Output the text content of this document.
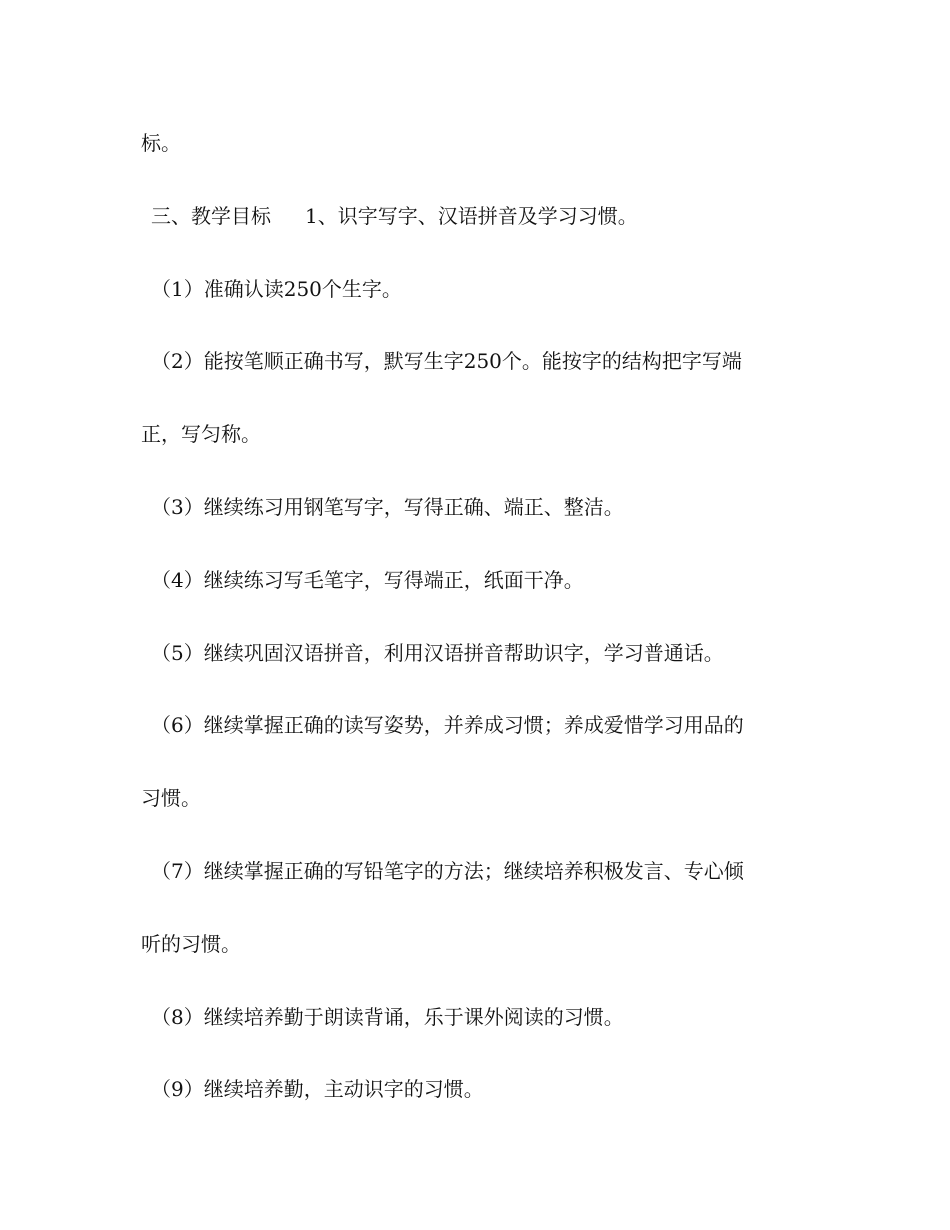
标。
三、教学目标 1、识字写字、汉语拼音及学习习惯。
（1）准确认读250个生字。
（2）能按笔顺正确书写，默写生字250个。能按字的结构把字写端
正，写匀称。
（3）继续练习用钢笔写字，写得正确、端正、整洁。
（4）继续练习写毛笔字，写得端正，纸面干净。
（5）继续巩固汉语拼音，利用汉语拼音帮助识字，学习普通话。
（6）继续掌握正确的读写姿势，并养成习惯；养成爱惜学习用品的
习惯。
（7）继续掌握正确的写铅笔字的方法；继续培养积极发言、专心倾
听的习惯。
（8）继续培养勤于朗读背诵，乐于课外阅读的习惯。
（9）继续培养勤，主动识字的习惯。
